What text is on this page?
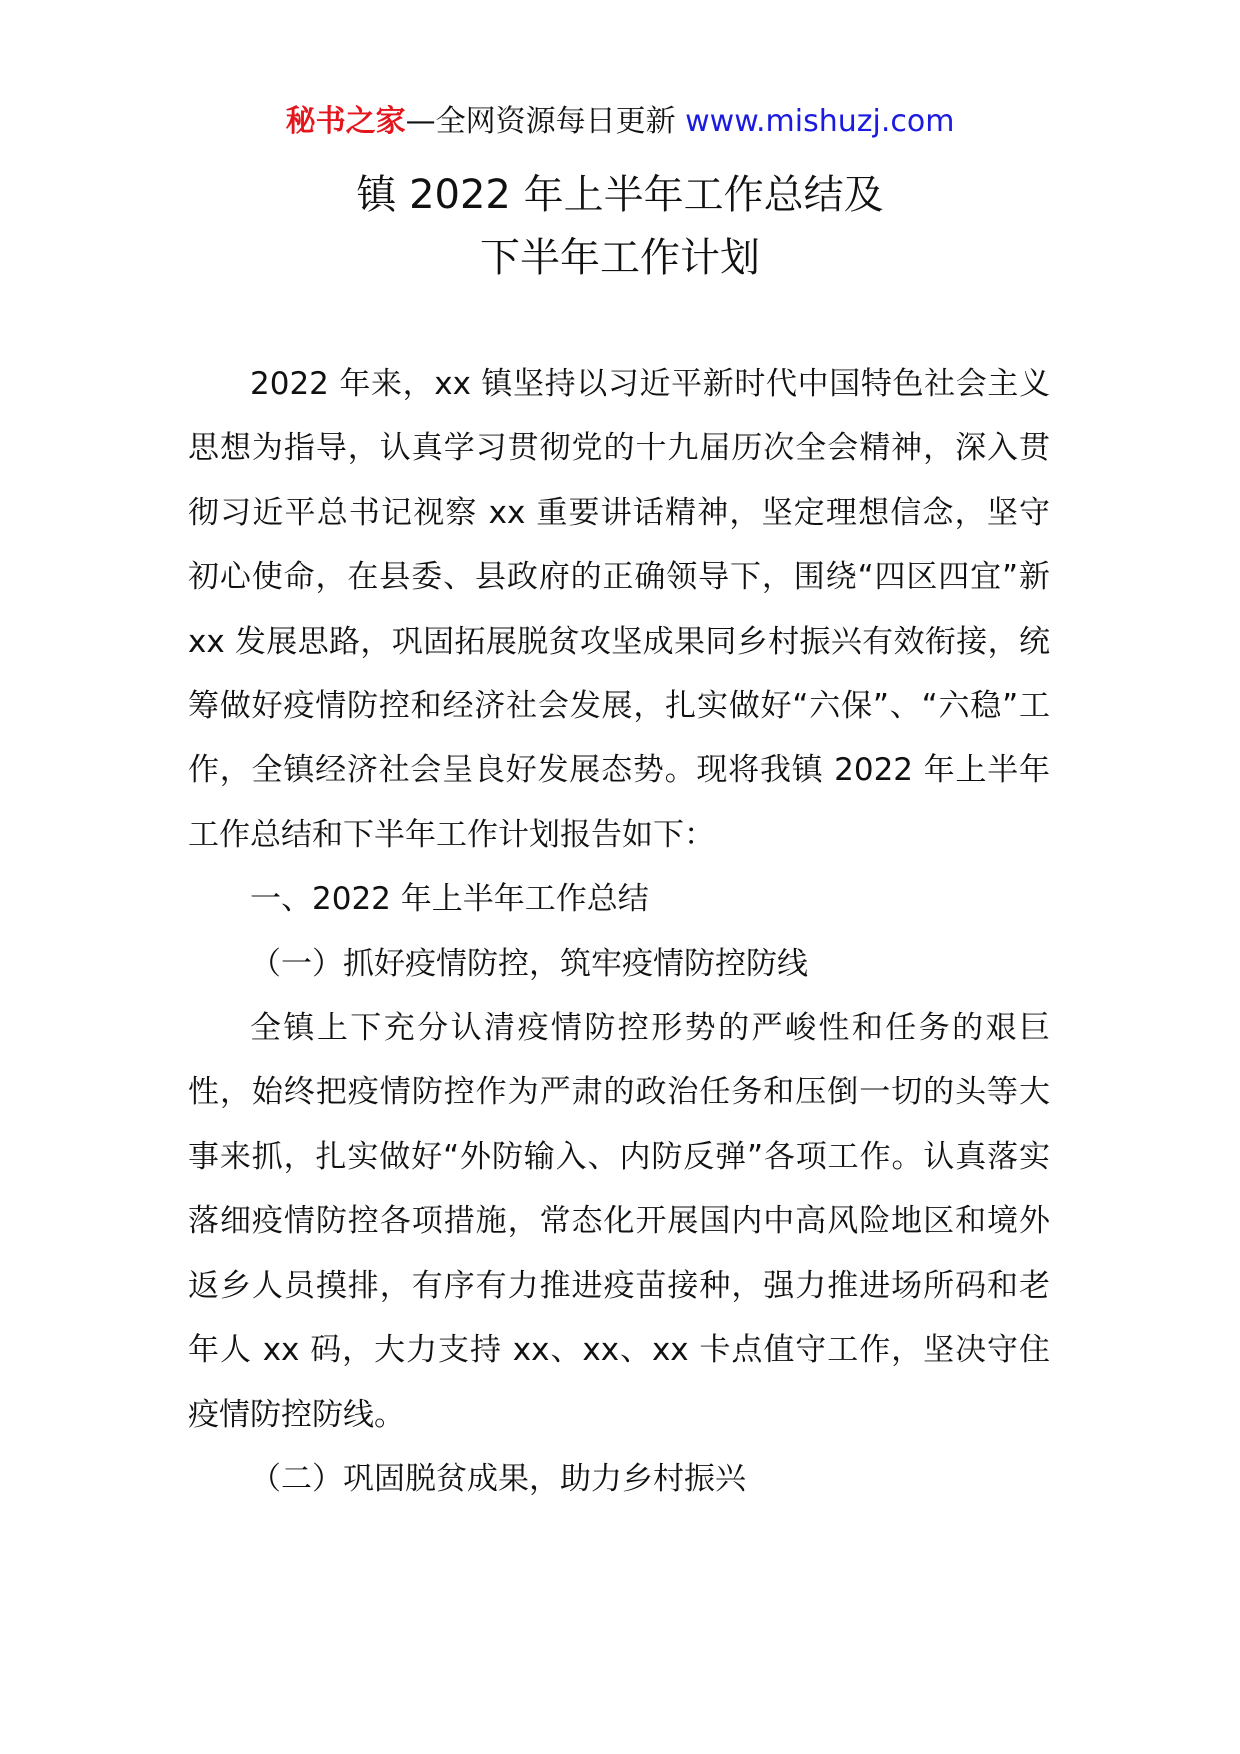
秘书之家—全网资源每日更新 www.mishuzj.com
镇 2022 年上半年工作总结及
下半年工作计划

2022 年来，xx 镇坚持以习近平新时代中国特色社会主义思想为指导，认真学习贯彻党的十九届历次全会精神，深入贯彻习近平总书记视察 xx 重要讲话精神，坚定理想信念，坚守初心使命，在县委、县政府的正确领导下，围绕“四区四宜”新 xx 发展思路，巩固拓展脱贫攻坚成果同乡村振兴有效衔接，统筹做好疫情防控和经济社会发展，扎实做好“六保”、“六稳”工作，全镇经济社会呈良好发展态势。现将我镇 2022 年上半年工作总结和下半年工作计划报告如下：

一、2022 年上半年工作总结

（一）抓好疫情防控，筑牢疫情防控防线

全镇上下充分认清疫情防控形势的严峻性和任务的艰巨性，始终把疫情防控作为严肃的政治任务和压倒一切的头等大事来抓，扎实做好“外防输入、内防反弹”各项工作。认真落实落细疫情防控各项措施，常态化开展国内中高风险地区和境外返乡人员摸排，有序有力推进疫苗接种，强力推进场所码和老年人 xx 码，大力支持 xx、xx、xx 卡点值守工作，坚决守住疫情防控防线。

（二）巩固脱贫成果，助力乡村振兴
